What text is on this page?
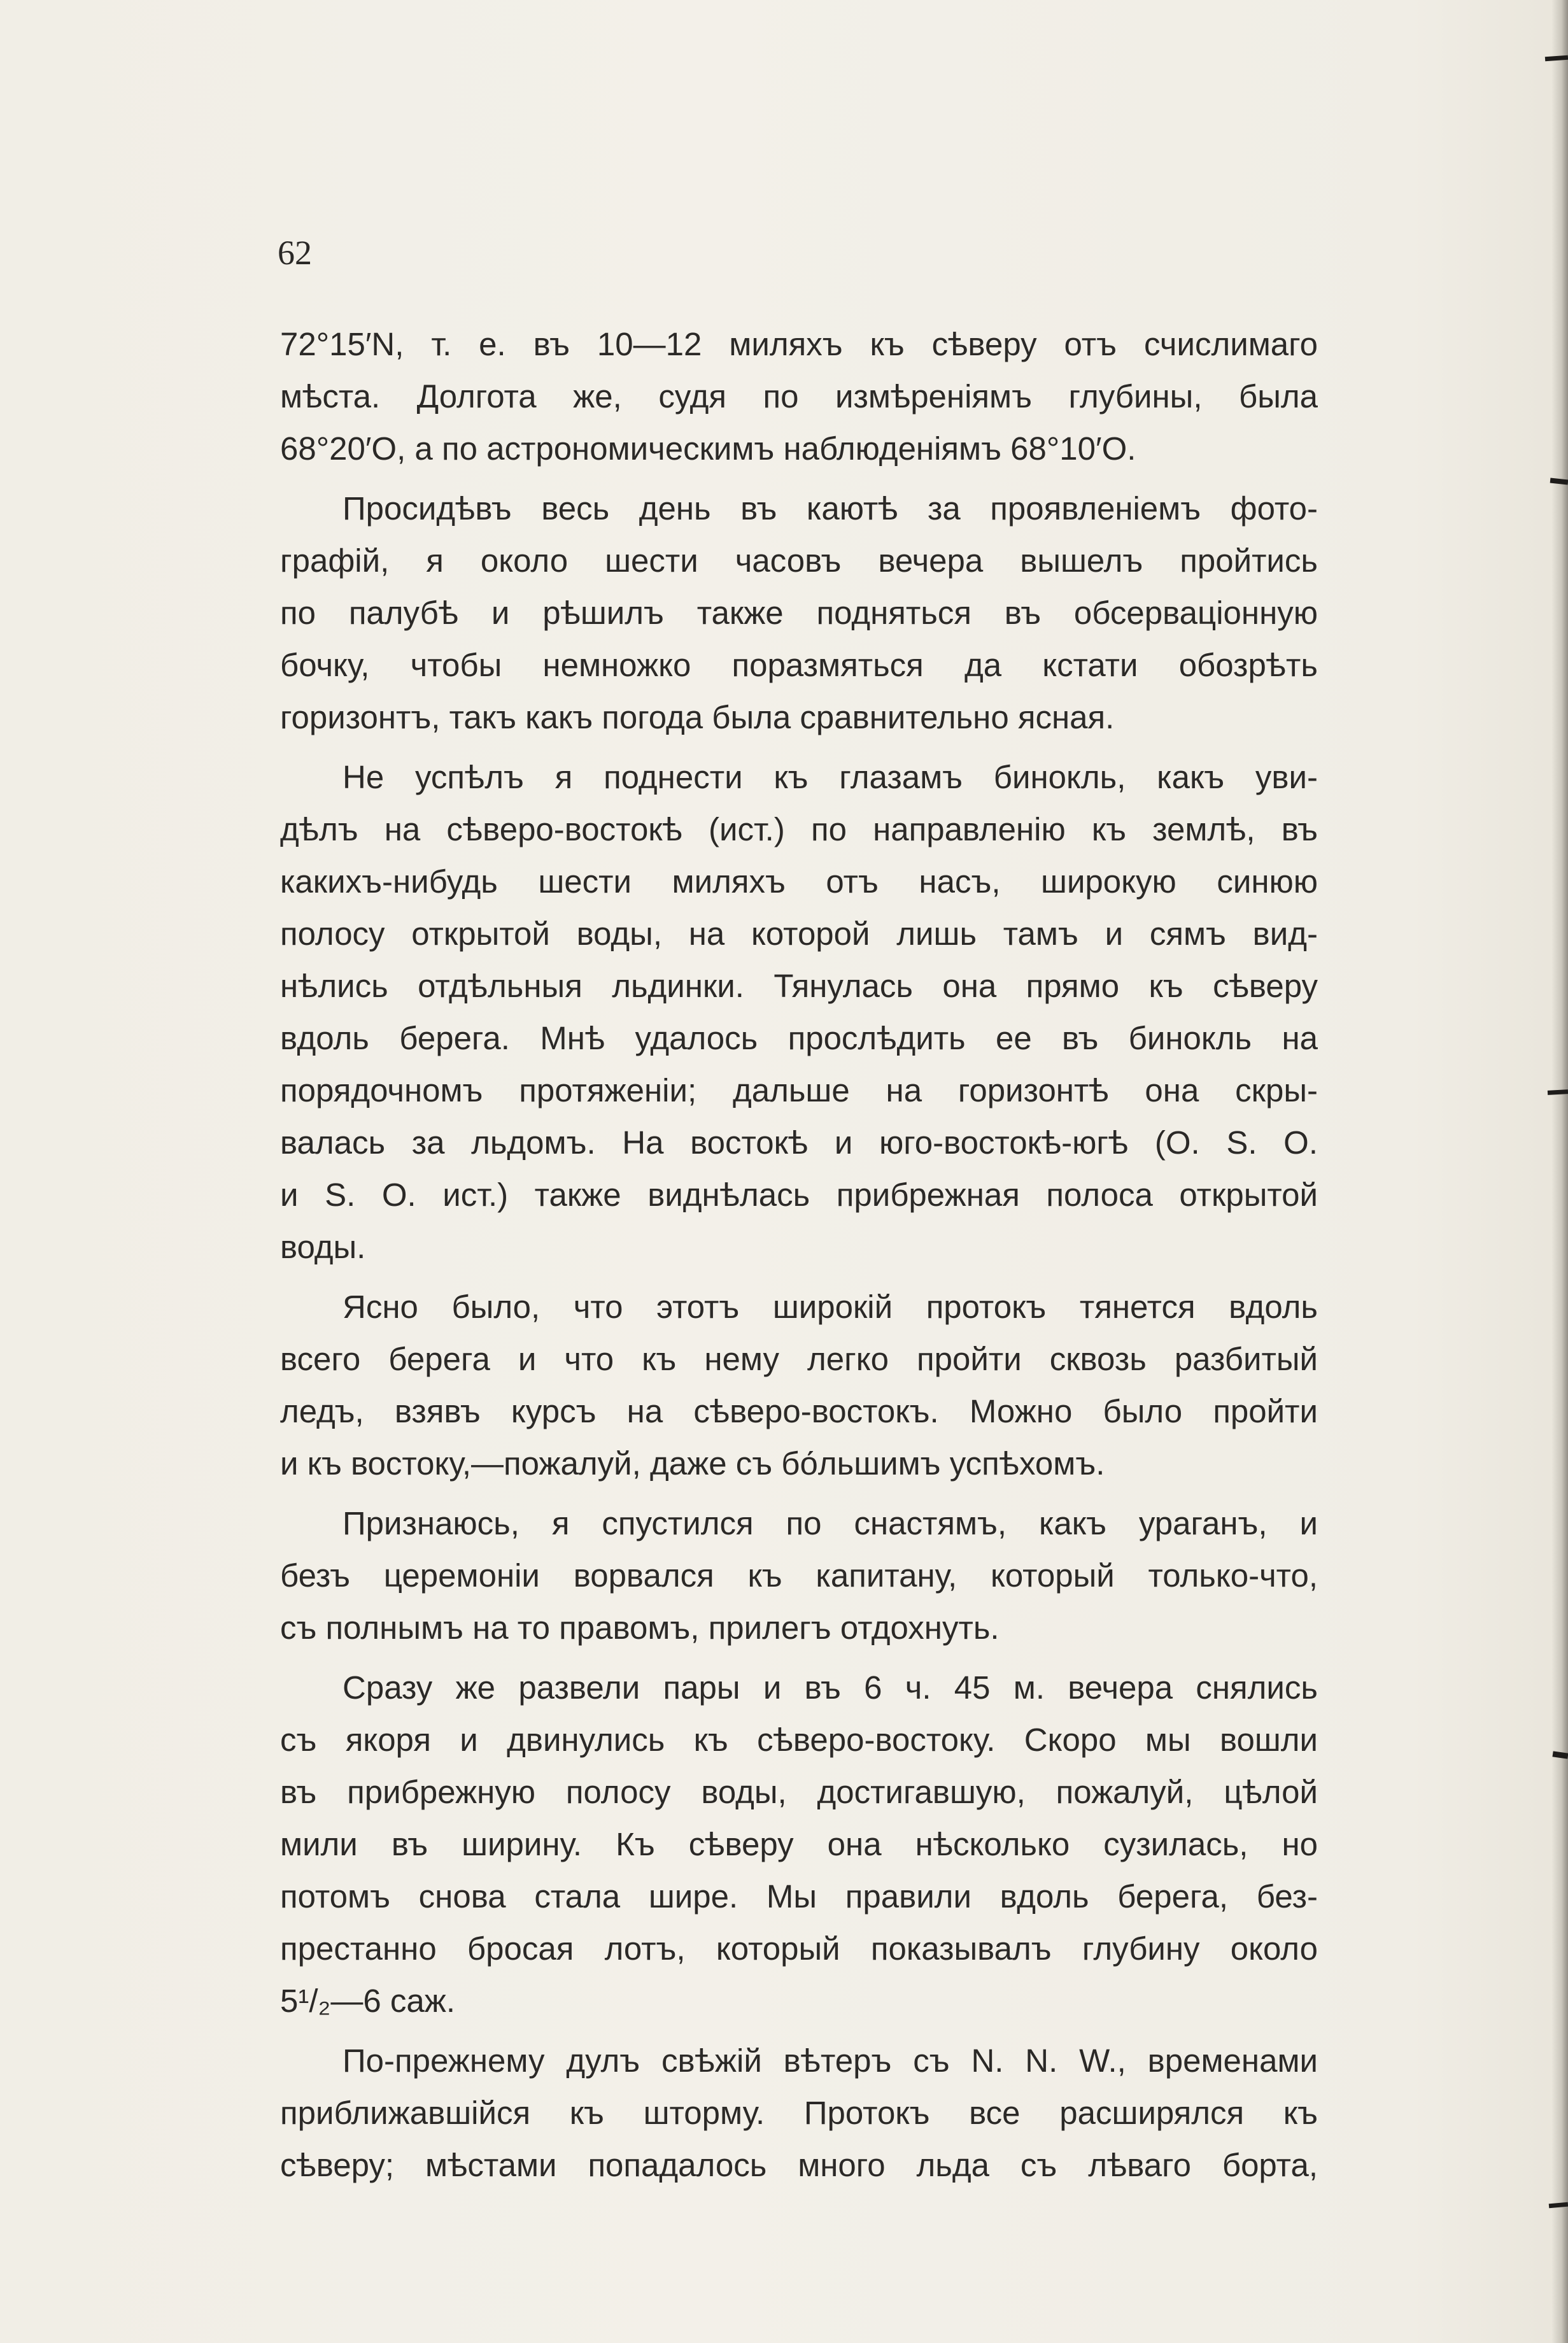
62
72°15′N, т. е. въ 10—12 миляхъ къ сѣверу отъ счислимаго
мѣста. Долгота же, судя по измѣреніямъ глубины, была
68°20′О, а по астрономическимъ наблюденіямъ 68°10′О.
Просидѣвъ весь день въ каютѣ за проявленіемъ фото-
графій, я около шести часовъ вечера вышелъ пройтись
по палубѣ и рѣшилъ также подняться въ обсерваціонную
бочку, чтобы немножко поразмяться да кстати обозрѣть
горизонтъ, такъ какъ погода была сравнительно ясная.
Не успѣлъ я поднести къ глазамъ бинокль, какъ уви-
дѣлъ на сѣверо-востокѣ (ист.) по направленію къ землѣ, въ
какихъ-нибудь шести миляхъ отъ насъ, широкую синюю
полосу открытой воды, на которой лишь тамъ и сямъ вид-
нѣлись отдѣльныя льдинки. Тянулась она прямо къ сѣверу
вдоль берега. Мнѣ удалось прослѣдить ее въ бинокль на
порядочномъ протяженіи; дальше на горизонтѣ она скры-
валась за льдомъ. На востокѣ и юго-востокѣ-югѣ (О. S. О.
и S. О. ист.) также виднѣлась прибрежная полоса открытой
воды.
Ясно было, что этотъ широкій протокъ тянется вдоль
всего берега и что къ нему легко пройти сквозь разбитый
ледъ, взявъ курсъ на сѣверо-востокъ. Можно было пройти
и къ востоку,—пожалуй, даже съ бо́льшимъ успѣхомъ.
Признаюсь, я спустился по снастямъ, какъ ураганъ, и
безъ церемоніи ворвался къ капитану, который только-что,
съ полнымъ на то правомъ, прилегъ отдохнуть.
Сразу же развели пары и въ 6 ч. 45 м. вечера снялись
съ якоря и двинулись къ сѣверо-востоку. Скоро мы вошли
въ прибрежную полосу воды, достигавшую, пожалуй, цѣлой
мили въ ширину. Къ сѣверу она нѣсколько сузилась, но
потомъ снова стала шире. Мы правили вдоль берега, без-
престанно бросая лотъ, который показывалъ глубину около
5¹/₂—6 саж.
По-прежнему дулъ свѣжій вѣтеръ съ N. N. W., временами
приближавшійся къ шторму. Протокъ все расширялся къ
сѣверу; мѣстами попадалось много льда съ лѣваго борта,
